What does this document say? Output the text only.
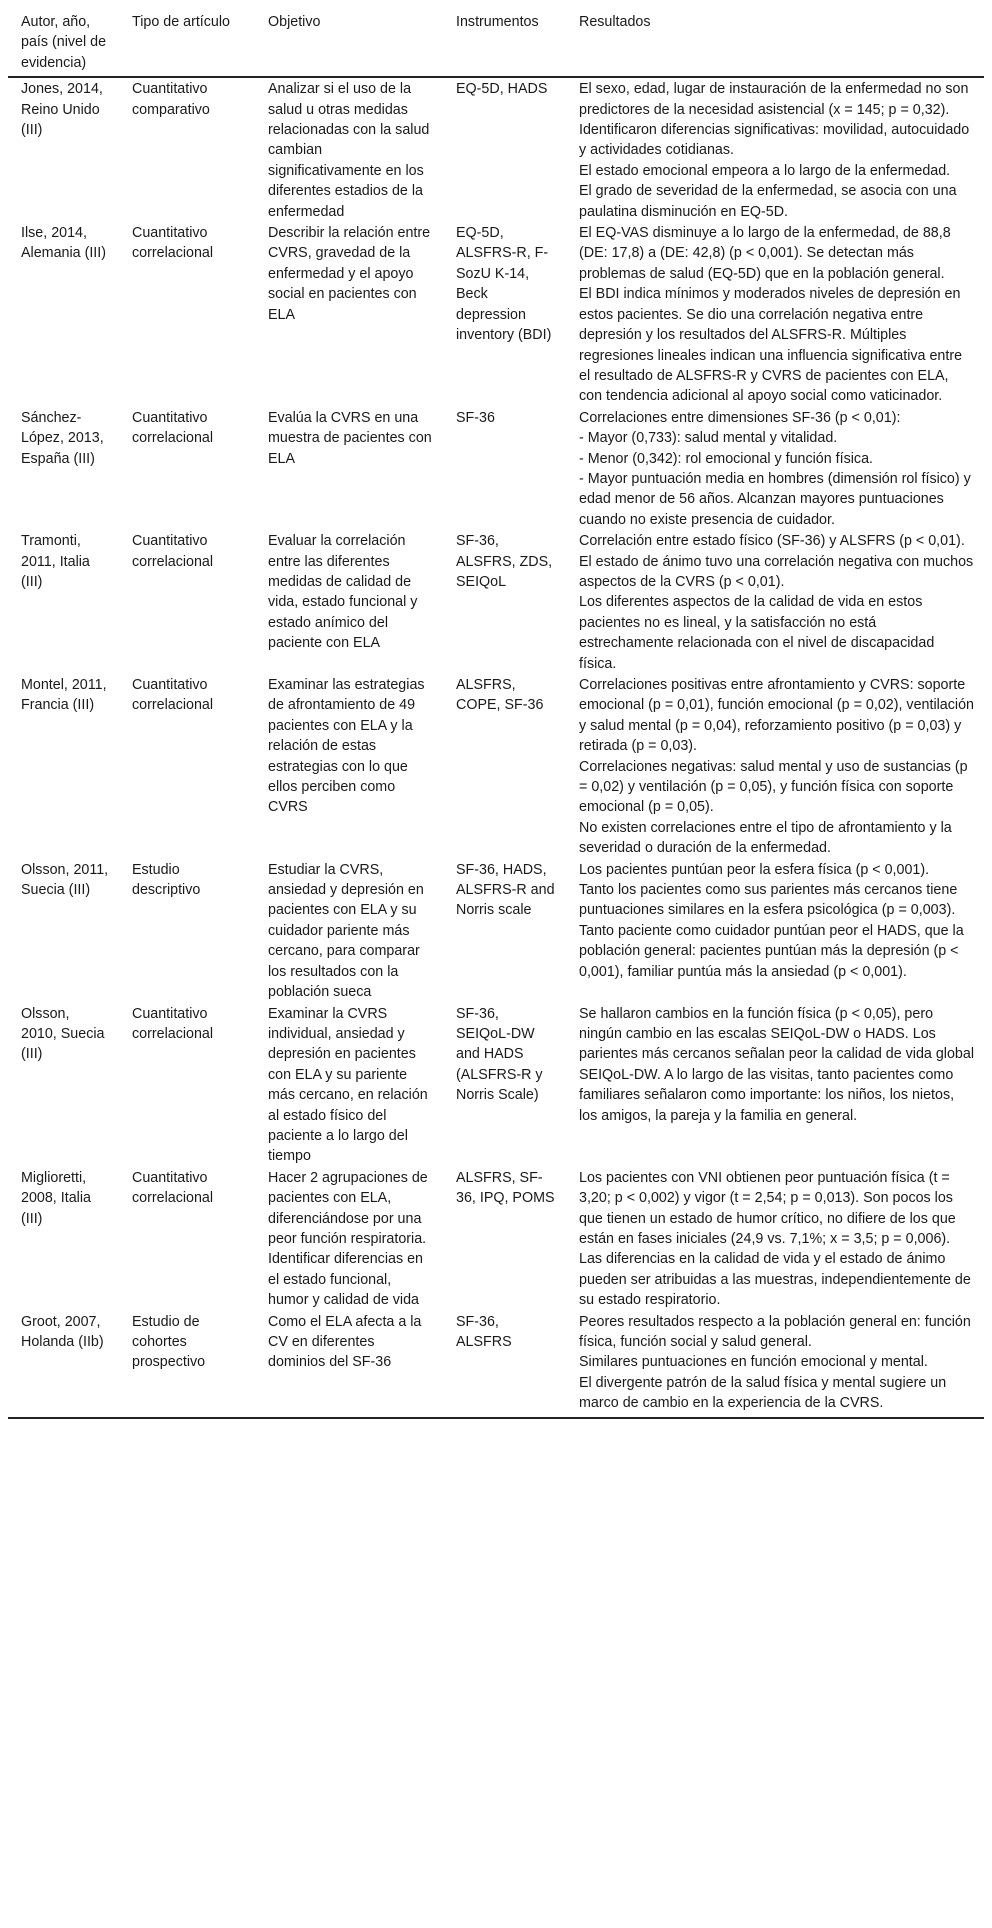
Autor, año, país (nivel de evidencia)	Tipo de artículo	Objetivo	Instrumentos	Resultados
Jones, 2014, Reino Unido (III)	Cuantitativo comparativo	Analizar si el uso de la salud u otras medidas relacionadas con la salud cambian significativamente en los diferentes estadios de la enfermedad	EQ-5D, HADS	El sexo, edad, lugar de instauración de la enfermedad no son predictores de la necesidad asistencial (x = 145; p = 0,32).
Identificaron diferencias significativas: movilidad, autocuidado y actividades cotidianas.
El estado emocional empeora a lo largo de la enfermedad.
El grado de severidad de la enfermedad, se asocia con una paulatina disminución en EQ-5D.

Ilse, 2014, Alemania (III)	Cuantitativo correlacional	Describir la relación entre CVRS, gravedad de la enfermedad y el apoyo social en pacientes con ELA	EQ-5D, ALSFRS-R, F-SozU K-14, Beck depression inventory (BDI)	El EQ-VAS disminuye a lo largo de la enfermedad, de 88,8 (DE: 17,8) a (DE: 42,8) (p < 0,001). Se detectan más problemas de salud (EQ-5D) que en la población general.
El BDI indica mínimos y moderados niveles de depresión en estos pacientes. Se dio una correlación negativa entre depresión y los resultados del ALSFRS-R. Múltiples regresiones lineales indican una influencia significativa entre el resultado de ALSFRS-R y CVRS de pacientes con ELA, con tendencia adicional al apoyo social como vaticinador.

Sánchez-López, 2013, España (III)	Cuantitativo correlacional	Evalúa la CVRS en una muestra de pacientes con ELA	SF-36	Correlaciones entre dimensiones SF-36 (p < 0,01):
- Mayor (0,733): salud mental y vitalidad.
- Menor (0,342): rol emocional y función física.
- Mayor puntuación media en hombres (dimensión rol físico) y edad menor de 56 años. Alcanzan mayores puntuaciones cuando no existe presencia de cuidador.

Tramonti, 2011, Italia (III)	Cuantitativo correlacional	Evaluar la correlación entre las diferentes medidas de calidad de vida, estado funcional y estado anímico del paciente con ELA	SF-36, ALSFRS, ZDS, SEIQoL	Correlación entre estado físico (SF-36) y ALSFRS (p < 0,01). El estado de ánimo tuvo una correlación negativa con muchos aspectos de la CVRS (p < 0,01).
Los diferentes aspectos de la calidad de vida en estos pacientes no es lineal, y la satisfacción no está estrechamente relacionada con el nivel de discapacidad física.

Montel, 2011, Francia (III)	Cuantitativo correlacional	Examinar las estrategias de afrontamiento de 49 pacientes con ELA y la relación de estas estrategias con lo que ellos perciben como CVRS	ALSFRS, COPE, SF-36	Correlaciones positivas entre afrontamiento y CVRS: soporte emocional (p = 0,01), función emocional (p = 0,02), ventilación y salud mental (p = 0,04), reforzamiento positivo (p = 0,03) y retirada (p = 0,03).
Correlaciones negativas: salud mental y uso de sustancias (p = 0,02) y ventilación (p = 0,05), y función física con soporte emocional (p = 0,05).
No existen correlaciones entre el tipo de afrontamiento y la severidad o duración de la enfermedad.

Olsson, 2011, Suecia (III)	Estudio descriptivo	Estudiar la CVRS, ansiedad y depresión en pacientes con ELA y su cuidador pariente más cercano, para comparar los resultados con la población sueca	SF-36, HADS, ALSFRS-R and Norris scale	Los pacientes puntúan peor la esfera física (p < 0,001).
Tanto los pacientes como sus parientes más cercanos tiene puntuaciones similares en la esfera psicológica (p = 0,003).
Tanto paciente como cuidador puntúan peor el HADS, que la población general: pacientes puntúan más la depresión (p < 0,001), familiar puntúa más la ansiedad (p < 0,001).

Olsson, 2010, Suecia (III)	Cuantitativo correlacional	Examinar la CVRS individual, ansiedad y depresión en pacientes con ELA y su pariente más cercano, en relación al estado físico del paciente a lo largo del tiempo	SF-36, SEIQoL-DW and HADS (ALSFRS-R y Norris Scale)	Se hallaron cambios en la función física (p < 0,05), pero ningún cambio en las escalas SEIQoL-DW o HADS. Los parientes más cercanos señalan peor la calidad de vida global SEIQoL-DW. A lo largo de las visitas, tanto pacientes como familiares señalaron como importante: los niños, los nietos, los amigos, la pareja y la familia en general.

Miglioretti, 2008, Italia (III)	Cuantitativo correlacional	Hacer 2 agrupaciones de pacientes con ELA, diferenciándose por una peor función respiratoria. Identificar diferencias en el estado funcional, humor y calidad de vida	ALSFRS, SF-36, IPQ, POMS	Los pacientes con VNI obtienen peor puntuación física (t = 3,20; p < 0,002) y vigor (t = 2,54; p = 0,013). Son pocos los que tienen un estado de humor crítico, no difiere de los que están en fases iniciales (24,9 vs. 7,1%; x = 3,5; p = 0,006). Las diferencias en la calidad de vida y el estado de ánimo pueden ser atribuidas a las muestras, independientemente de su estado respiratorio.

Groot, 2007, Holanda (IIb)	Estudio de cohortes prospectivo	Como el ELA afecta a la CV en diferentes dominios del SF-36	SF-36, ALSFRS	Peores resultados respecto a la población general en: función física, función social y salud general.
Similares puntuaciones en función emocional y mental.
El divergente patrón de la salud física y mental sugiere un marco de cambio en la experiencia de la CVRS.
